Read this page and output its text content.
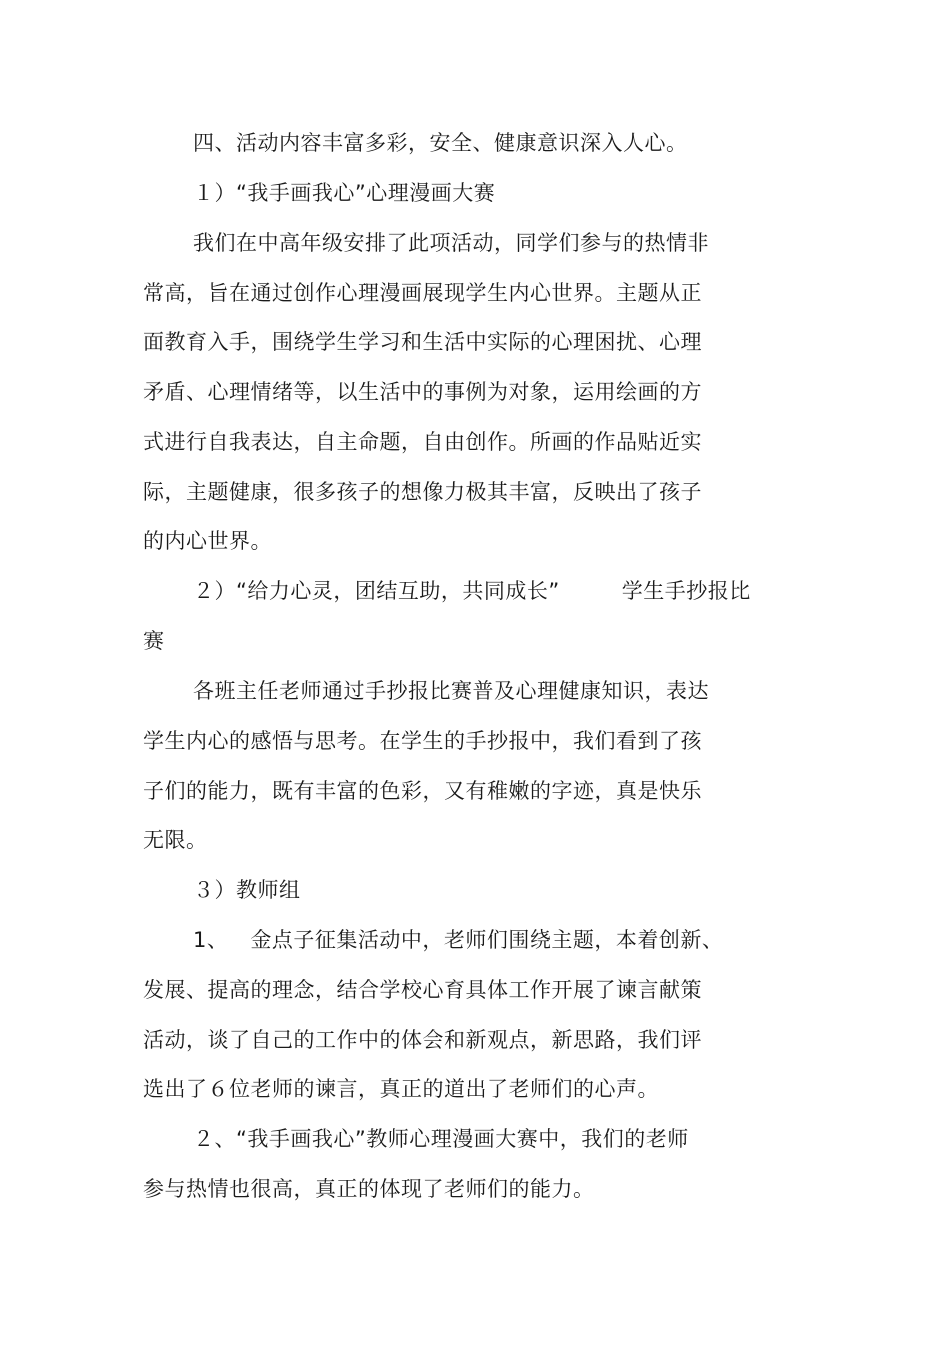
四、活动内容丰富多彩，安全、健康意识深入人心。
１）“我手画我心”心理漫画大赛
我们在中高年级安排了此项活动，同学们参与的热情非
常高，旨在通过创作心理漫画展现学生内心世界。主题从正
面教育入手，围绕学生学习和生活中实际的心理困扰、心理
矛盾、心理情绪等，以生活中的事例为对象，运用绘画的方
式进行自我表达，自主命题，自由创作。所画的作品贴近实
际，主题健康，很多孩子的想像力极其丰富，反映出了孩子
的内心世界。
２）“给力心灵，团结互助，共同成长”	学生手抄报比
赛
各班主任老师通过手抄报比赛普及心理健康知识，表达
学生内心的感悟与思考。在学生的手抄报中，我们看到了孩
子们的能力，既有丰富的色彩，又有稚嫩的字迹，真是快乐
无限。
３）教师组
1、 金点子征集活动中，老师们围绕主题，本着创新、
发展、提高的理念，结合学校心育具体工作开展了谏言献策
活动，谈了自己的工作中的体会和新观点，新思路，我们评
选出了６位老师的谏言，真正的道出了老师们的心声。
２、“我手画我心”教师心理漫画大赛中，我们的老师
参与热情也很高，真正的体现了老师们的能力。
